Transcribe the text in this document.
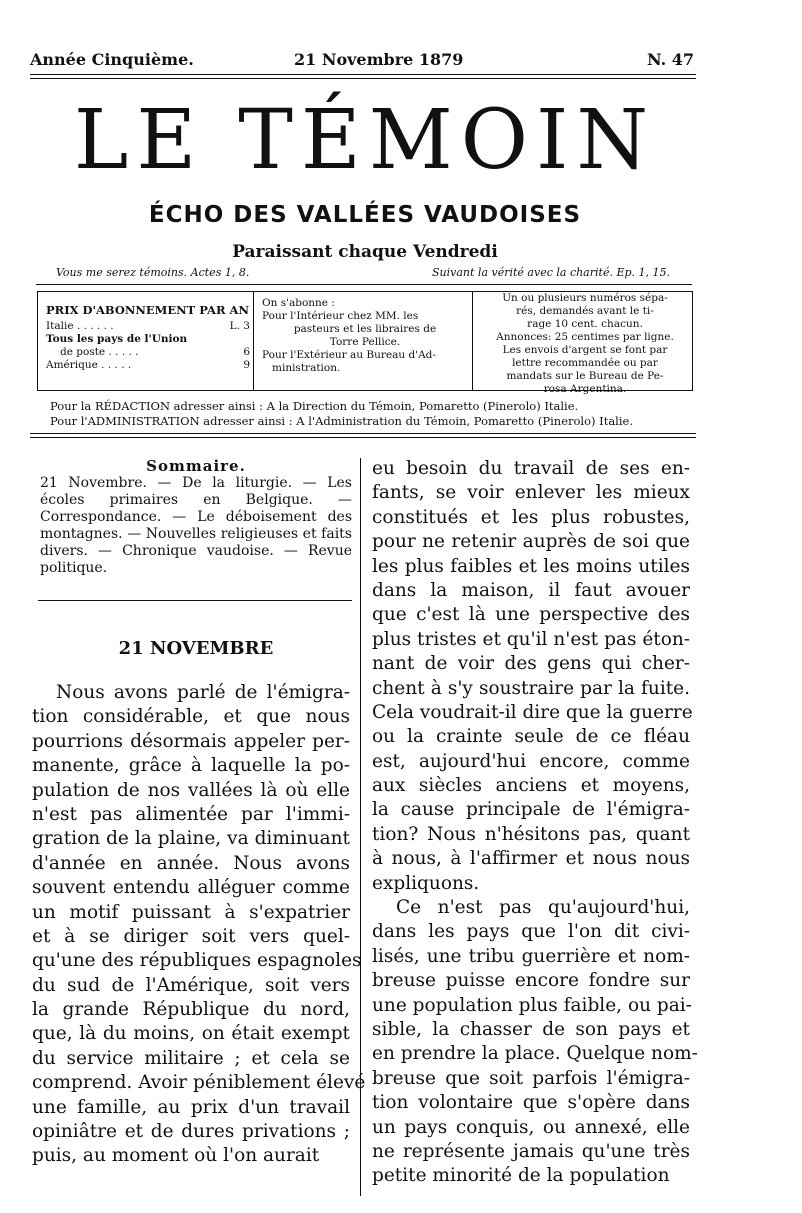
Année Cinquième.	21 Novembre 1879	N. 47
LE TÉMOIN
ÉCHO DES VALLÉES VAUDOISES
Paraissant chaque Vendredi
Vous me serez témoins. Actes 1, 8.	Suivant la vérité avec la charité. Ep. 1, 15.
PRIX D'ABONNEMENT PAR AN
Italie . . . . . .	L. 3
Tous les pays de l'Union
de poste . . . . .	6
Amérique . . . . .	9
On s'abonne :
Pour l'Intérieur chez MM. les
pasteurs et les libraires de
Torre Pellice.
Pour l'Extérieur au Bureau d'Ad-
ministration.
Un ou plusieurs numéros sépa-
rés, demandés avant le ti-
rage 10 cent. chacun.
Annonces: 25 centimes par ligne.
Les envois d'argent se font par
lettre recommandée ou par
mandats sur le Bureau de Pe-
rosa Argentina.
Pour la RÉDACTION adresser ainsi : A la Direction du Témoin, Pomaretto (Pinerolo) Italie.
Pour l'ADMINISTRATION adresser ainsi : A l'Administration du Témoin, Pomaretto (Pinerolo) Italie.
Sommaire.
21 Novembre. — De la liturgie. — Les écoles primaires en Belgique. — Correspondance. — Le déboisement des montagnes. — Nouvelles religieuses et faits divers. — Chronique vaudoise. — Revue politique.
21 NOVEMBRE
Nous avons parlé de l'émigra-
tion considérable, et que nous
pourrions désormais appeler per-
manente, grâce à laquelle la po-
pulation de nos vallées là où elle
n'est pas alimentée par l'immi-
gration de la plaine, va diminuant
d'année en année. Nous avons
souvent entendu alléguer comme
un motif puissant à s'expatrier
et à se diriger soit vers quel-
qu'une des républiques espagnoles
du sud de l'Amérique, soit vers
la grande République du nord,
que, là du moins, on était exempt
du service militaire ; et cela se
comprend. Avoir péniblement élevé
une famille, au prix d'un travail
opiniâtre et de dures privations ;
puis, au moment où l'on aurait
eu besoin du travail de ses en-
fants, se voir enlever les mieux
constitués et les plus robustes,
pour ne retenir auprès de soi que
les plus faibles et les moins utiles
dans la maison, il faut avouer
que c'est là une perspective des
plus tristes et qu'il n'est pas éton-
nant de voir des gens qui cher-
chent à s'y soustraire par la fuite.
Cela voudrait-il dire que la guerre
ou la crainte seule de ce fléau
est, aujourd'hui encore, comme
aux siècles anciens et moyens,
la cause principale de l'émigra-
tion? Nous n'hésitons pas, quant
à nous, à l'affirmer et nous nous
expliquons.
Ce n'est pas qu'aujourd'hui,
dans les pays que l'on dit civi-
lisés, une tribu guerrière et nom-
breuse puisse encore fondre sur
une population plus faible, ou pai-
sible, la chasser de son pays et
en prendre la place. Quelque nom-
breuse que soit parfois l'émigra-
tion volontaire que s'opère dans
un pays conquis, ou annexé, elle
ne représente jamais qu'une très
petite minorité de la population
